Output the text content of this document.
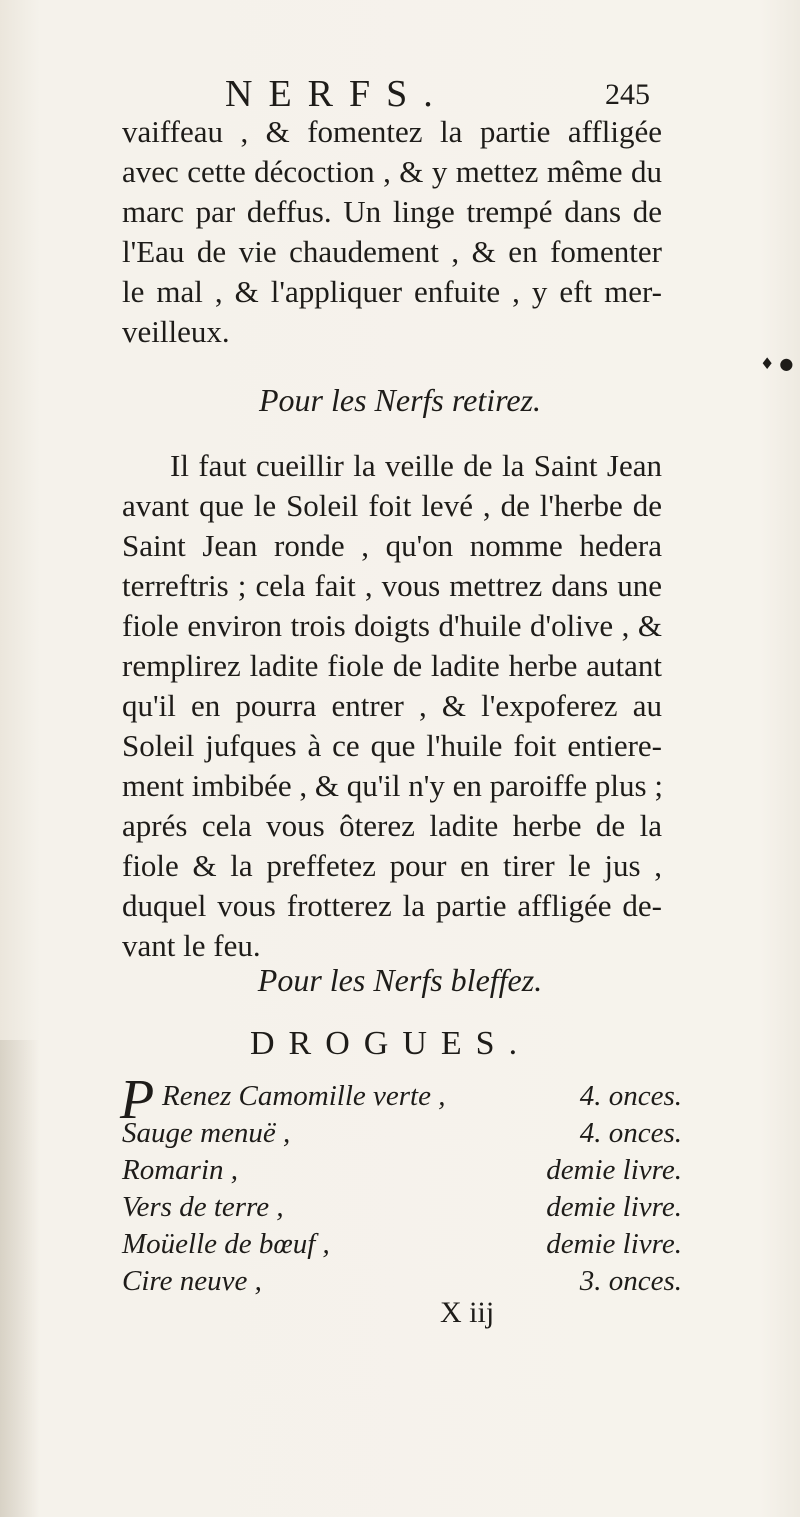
NERFS.	245
vaiffeau , & fomentez la partie affligée
avec cette décoction , & y mettez même du
marc par deffus. Un linge trempé dans de
l'Eau de vie chaudement , & en fomenter
le mal , & l'appliquer enfuite , y eft mer-
veilleux.
♦ ●
Pour les Nerfs retirez.
Il faut cueillir la veille de la Saint Jean
avant que le Soleil foit levé , de l'herbe de
Saint Jean ronde , qu'on nomme hedera
terreftris ; cela fait , vous mettrez dans une
fiole environ trois doigts d'huile d'olive , &
remplirez ladite fiole de ladite herbe autant
qu'il en pourra entrer , & l'expoferez au
Soleil jufques à ce que l'huile foit entiere-
ment imbibée , & qu'il n'y en paroiffe plus ;
aprés cela vous ôterez ladite herbe de la
fiole & la preffetez pour en tirer le jus ,
duquel vous frotterez la partie affligée de-
vant le feu.
Pour les Nerfs bleffez.
DROGUES.
P Renez Camomille verte ,	4. onces.
Sauge menuë ,	4. onces.
Romarin ,	demie livre.
Vers de terre ,	demie livre.
Moüelle de bœuf ,	demie livre.
Cire neuve ,	3. onces.
X iij
